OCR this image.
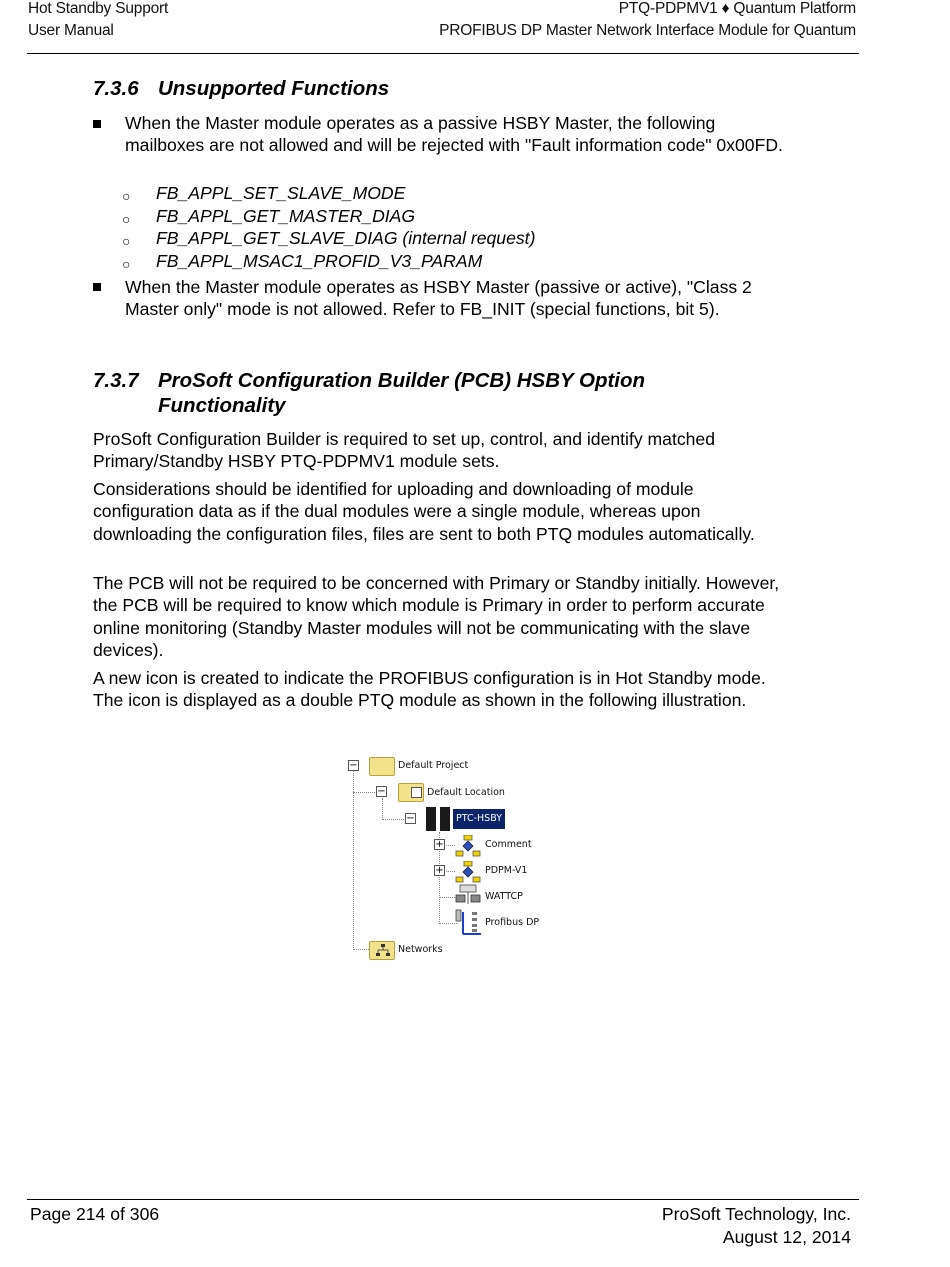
Hot Standby Support
User Manual
PTQ-PDPMV1 ♦ Quantum Platform
PROFIBUS DP Master Network Interface Module for Quantum
7.3.6 Unsupported Functions
When the Master module operates as a passive HSBY Master, the following mailboxes are not allowed and will be rejected with "Fault information code" 0x00FD.
○ FB_APPL_SET_SLAVE_MODE
○ FB_APPL_GET_MASTER_DIAG
○ FB_APPL_GET_SLAVE_DIAG (internal request)
○ FB_APPL_MSAC1_PROFID_V3_PARAM
When the Master module operates as HSBY Master (passive or active), "Class 2 Master only" mode is not allowed. Refer to FB_INIT (special functions, bit 5).
7.3.7 ProSoft Configuration Builder (PCB) HSBY Option
Functionality
ProSoft Configuration Builder is required to set up, control, and identify matched Primary/Standby HSBY PTQ-PDPMV1 module sets.
Considerations should be identified for uploading and downloading of module configuration data as if the dual modules were a single module, whereas upon downloading the configuration files, files are sent to both PTQ modules automatically.
The PCB will not be required to be concerned with Primary or Standby initially. However, the PCB will be required to know which module is Primary in order to perform accurate online monitoring (Standby Master modules will not be communicating with the slave devices).
A new icon is created to indicate the PROFIBUS configuration is in Hot Standby mode. The icon is displayed as a double PTQ module as shown in the following illustration.
−	Default Project
−	Default Location
−	PTC-HSBY
+	Comment
+	PDPM-V1
WATTCP
Profibus DP
Networks
Page 214 of 306	ProSoft Technology, Inc.
August 12, 2014
